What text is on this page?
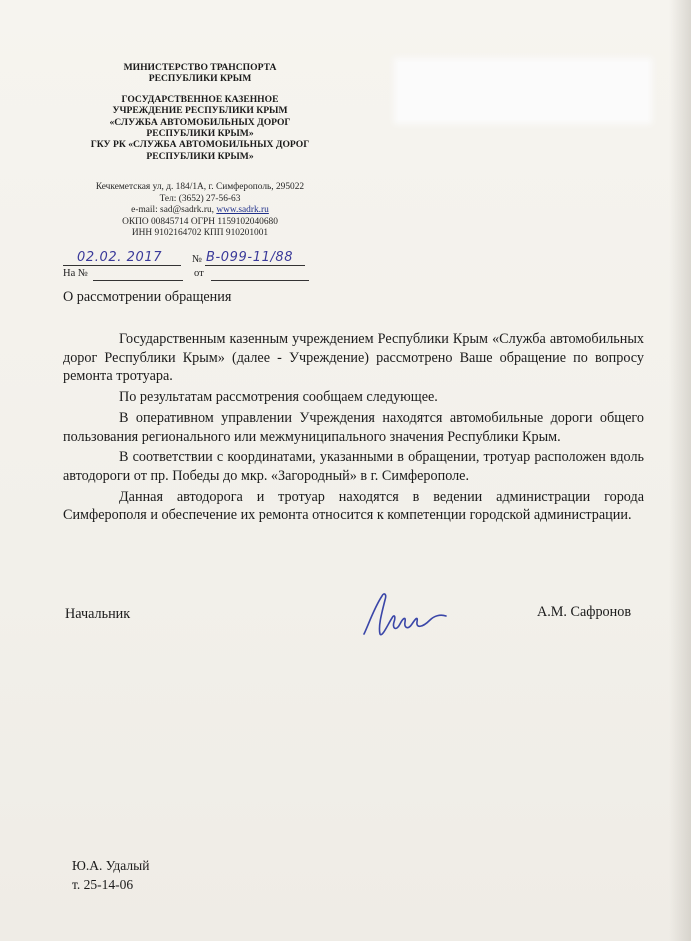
МИНИСТЕРСТВО ТРАНСПОРТА
РЕСПУБЛИКИ КРЫМ
ГОСУДАРСТВЕННОЕ КАЗЕННОЕ
УЧРЕЖДЕНИЕ РЕСПУБЛИКИ КРЫМ
«СЛУЖБА АВТОМОБИЛЬНЫХ ДОРОГ
РЕСПУБЛИКИ КРЫМ»
ГКУ РК «СЛУЖБА АВТОМОБИЛЬНЫХ ДОРОГ
РЕСПУБЛИКИ КРЫМ»
Кечкеметская ул, д. 184/1А, г. Симферополь, 295022
Тел: (3652) 27-56-63
e-mail: sad@sadrk.ru, www.sadrk.ru
ОКПО 00845714 ОГРН 1159102040680
ИНН 9102164702 КПП 910201001
02.02. 2017	№ В-099-11/88
На №	от
О рассмотрении обращения

Государственным казенным учреждением Республики Крым «Служба автомобильных дорог Республики Крым» (далее - Учреждение) рассмотрено Ваше обращение по вопросу ремонта тротуара.

По результатам рассмотрения сообщаем следующее.

В оперативном управлении Учреждения находятся автомобильные дороги общего пользования регионального или межмуниципального значения Республики Крым.

В соответствии с координатами, указанными в обращении, тротуар расположен вдоль автодороги от пр. Победы до мкр. «Загородный» в г. Симферополе.

Данная автодорога и тротуар находятся в ведении администрации города Симферополя и обеспечение их ремонта относится к компетенции городской администрации.

Начальник	А.М. Сафронов
Ю.А. Удалый
т. 25-14-06
